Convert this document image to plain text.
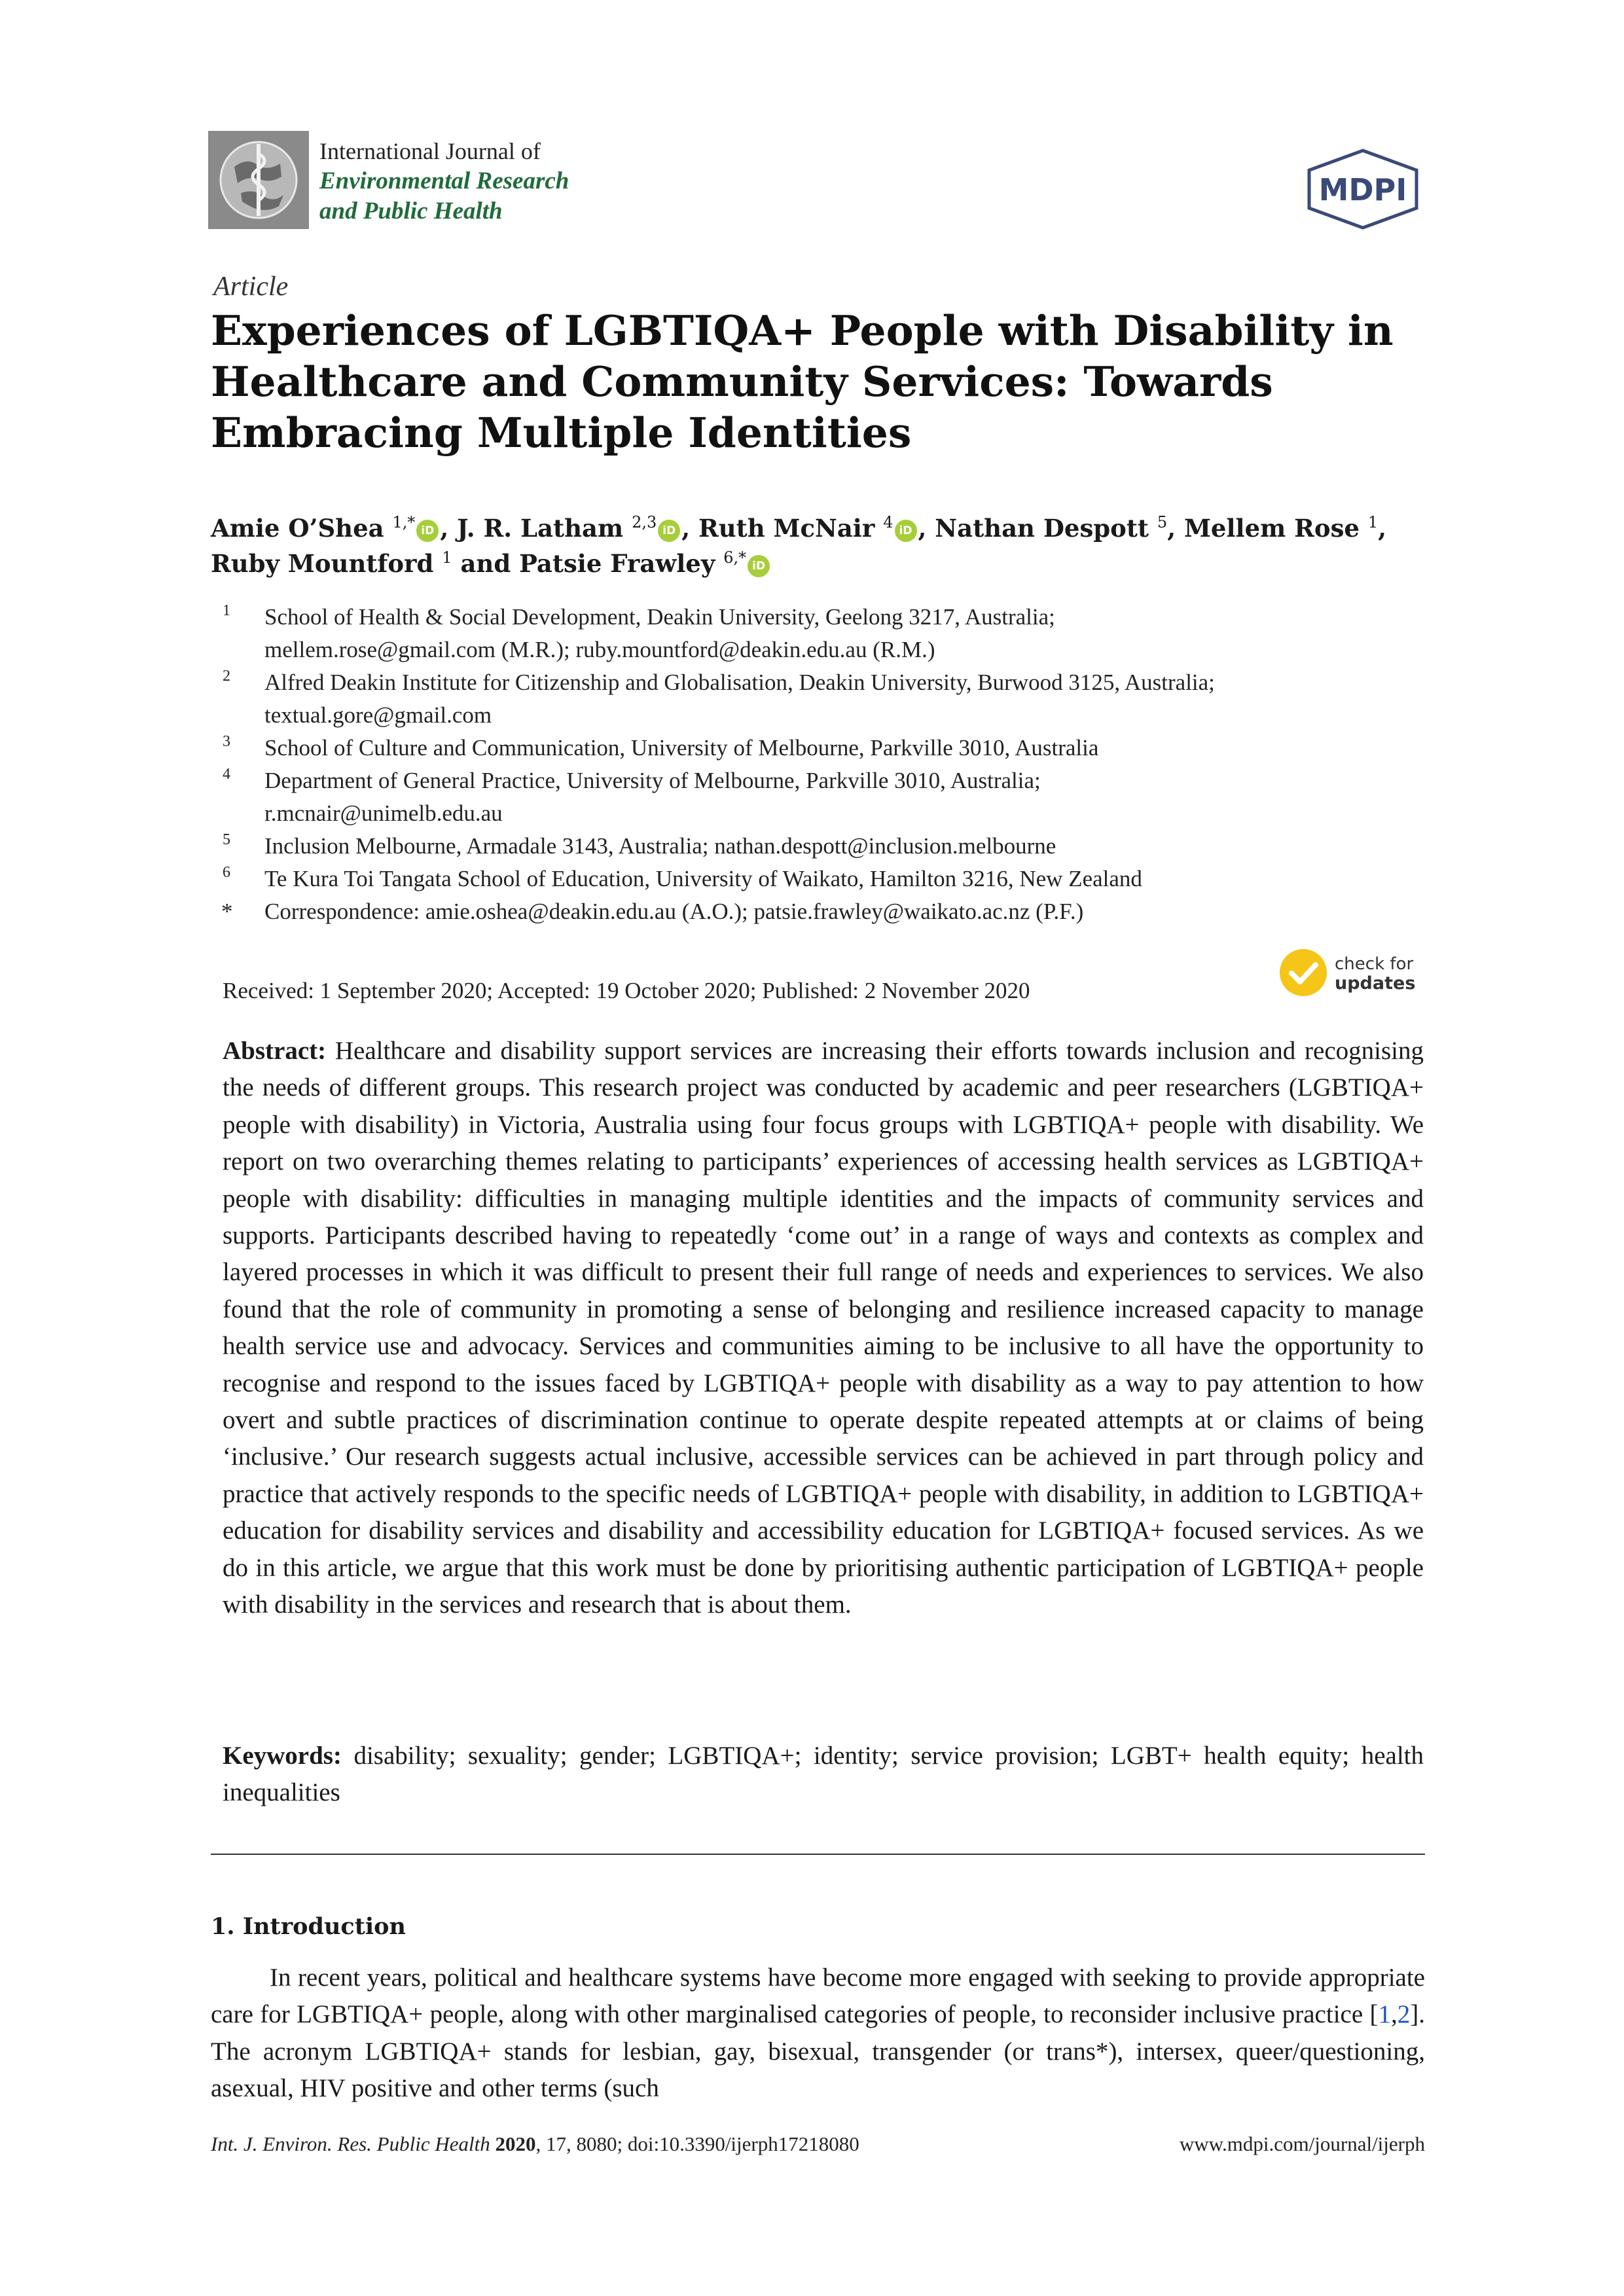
International Journal of
Environmental Research
and Public Health
MDPI
Article
Experiences of LGBTIQA+ People with Disability in
Healthcare and Community Services: Towards
Embracing Multiple Identities
Amie O’Shea $^{1,*}$ iD , J. R. Latham $^{2,3}$ iD , Ruth McNair $^4$ iD , Nathan Despott $^5$, Mellem Rose $^1$,
Ruby Mountford $^1$ and Patsie Frawley $^{6,*}$ iD
1 School of Health & Social Development, Deakin University, Geelong 3217, Australia;
mellem.rose@gmail.com (M.R.); ruby.mountford@deakin.edu.au (R.M.)
2 Alfred Deakin Institute for Citizenship and Globalisation, Deakin University, Burwood 3125, Australia;
textual.gore@gmail.com
3 School of Culture and Communication, University of Melbourne, Parkville 3010, Australia
4 Department of General Practice, University of Melbourne, Parkville 3010, Australia;
r.mcnair@unimelb.edu.au
5 Inclusion Melbourne, Armadale 3143, Australia; nathan.despott@inclusion.melbourne
6 Te Kura Toi Tangata School of Education, University of Waikato, Hamilton 3216, New Zealand
* Correspondence: amie.oshea@deakin.edu.au (A.O.); patsie.frawley@waikato.ac.nz (P.F.)
Received: 1 September 2020; Accepted: 19 October 2020; Published: 2 November 2020
check for
updates
Abstract: Healthcare and disability support services are increasing their efforts towards inclusion and recognising the needs of different groups. This research project was conducted by academic and peer researchers (LGBTIQA+ people with disability) in Victoria, Australia using four focus groups with LGBTIQA+ people with disability. We report on two overarching themes relating to participants’ experiences of accessing health services as LGBTIQA+ people with disability: difficulties in managing multiple identities and the impacts of community services and supports. Participants described having to repeatedly ‘come out’ in a range of ways and contexts as complex and layered processes in which it was difficult to present their full range of needs and experiences to services. We also found that the role of community in promoting a sense of belonging and resilience increased capacity to manage health service use and advocacy. Services and communities aiming to be inclusive to all have the opportunity to recognise and respond to the issues faced by LGBTIQA+ people with disability as a way to pay attention to how overt and subtle practices of discrimination continue to operate despite repeated attempts at or claims of being ‘inclusive.’ Our research suggests actual inclusive, accessible services can be achieved in part through policy and practice that actively responds to the specific needs of LGBTIQA+ people with disability, in addition to LGBTIQA+ education for disability services and disability and accessibility education for LGBTIQA+ focused services. As we do in this article, we argue that this work must be done by prioritising authentic participation of LGBTIQA+ people with disability in the services and research that is about them.
Keywords: disability; sexuality; gender; LGBTIQA+; identity; service provision; LGBT+ health equity; health inequalities
1. Introduction
In recent years, political and healthcare systems have become more engaged with seeking to provide appropriate care for LGBTIQA+ people, along with other marginalised categories of people, to reconsider inclusive practice [1,2]. The acronym LGBTIQA+ stands for lesbian, gay, bisexual, transgender (or trans*), intersex, queer/questioning, asexual, HIV positive and other terms (such
Int. J. Environ. Res. Public Health 2020, 17, 8080; doi:10.3390/ijerph17218080	www.mdpi.com/journal/ijerph
